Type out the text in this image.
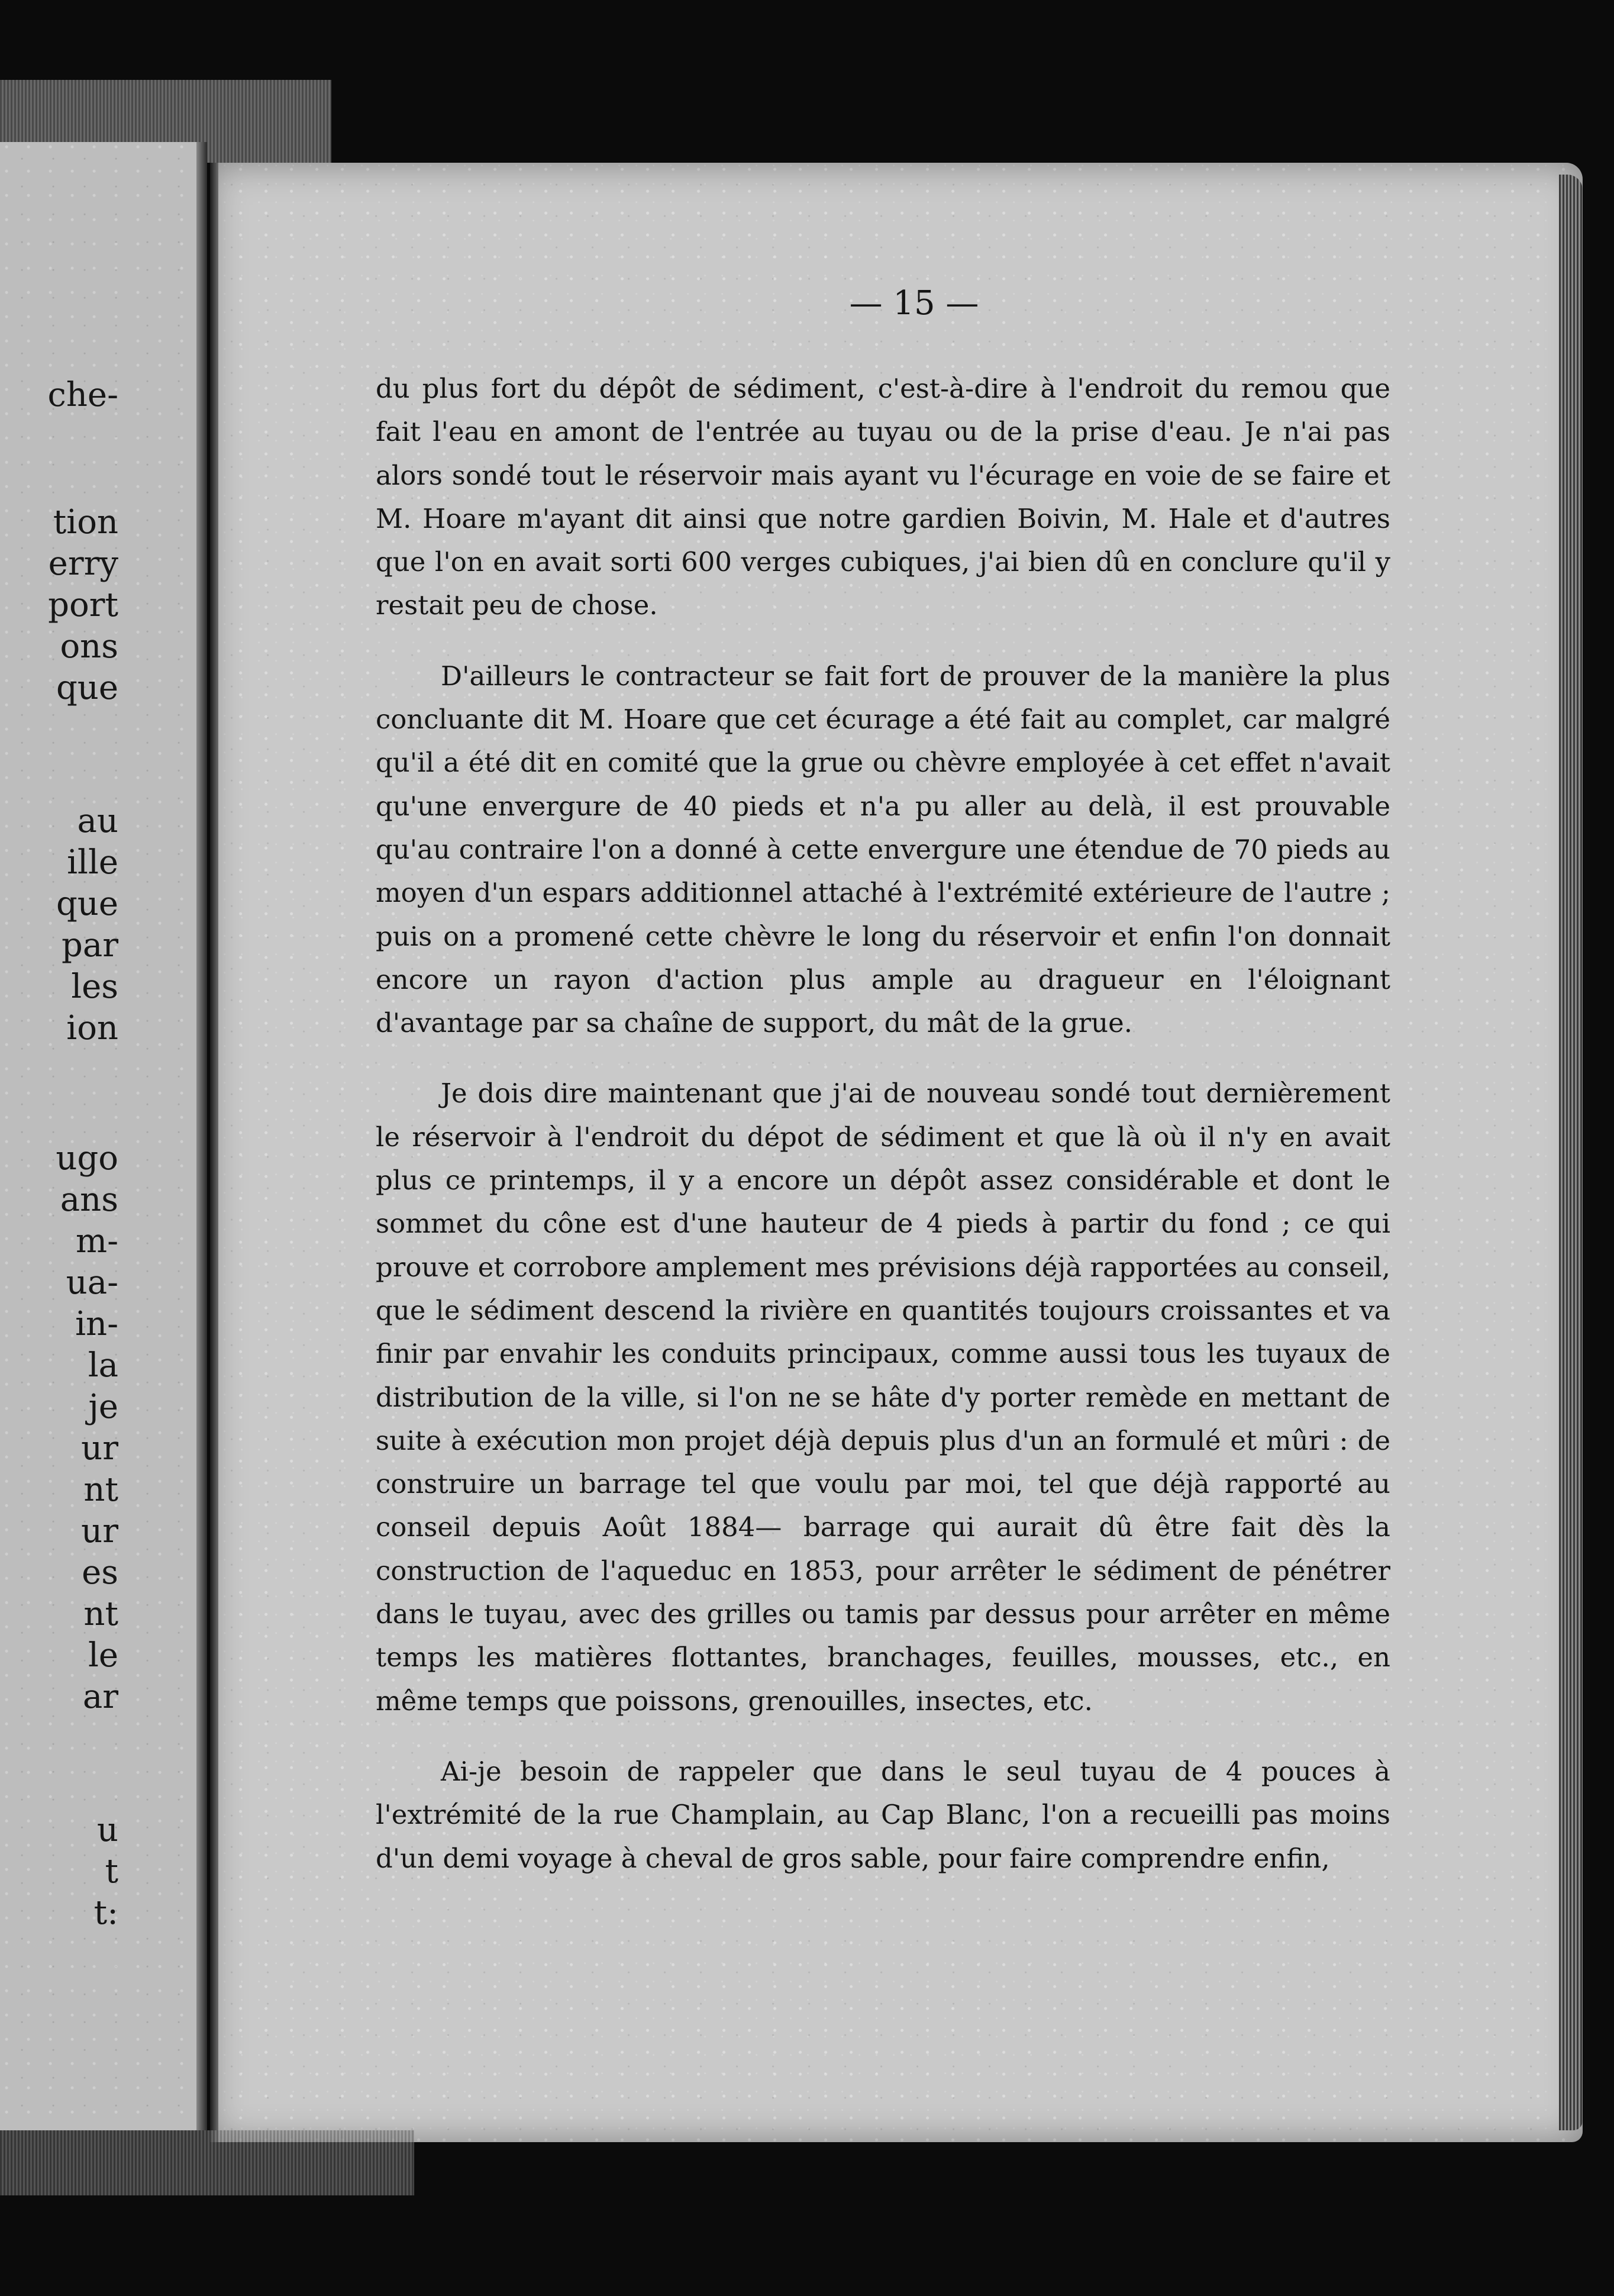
che-
tion
erry
port
ons
que
au
ille
que
par
les
ion
ugo
ans
m-
ua-
in-
la
je
ur
nt
ur
es
nt
le
ar
u
t
t:
— 15 —

du plus fort du dépôt de sédiment, c'est-à-dire à l'endroit du remou que fait l'eau en amont de l'entrée au tuyau ou de la prise d'eau. Je n'ai pas alors sondé tout le réservoir mais ayant vu l'écurage en voie de se faire et M. Hoare m'ayant dit ainsi que notre gardien Boivin, M. Hale et d'autres que l'on en avait sorti 600 verges cubiques, j'ai bien dû en conclure qu'il y restait peu de chose.

D'ailleurs le contracteur se fait fort de prouver de la manière la plus concluante dit M. Hoare que cet écurage a été fait au complet, car malgré qu'il a été dit en comité que la grue ou chèvre employée à cet effet n'avait qu'une envergure de 40 pieds et n'a pu aller au delà, il est prouvable qu'au contraire l'on a donné à cette envergure une étendue de 70 pieds au moyen d'un espars additionnel attaché à l'extrémité extérieure de l'autre ; puis on a promené cette chèvre le long du réservoir et enfin l'on donnait encore un rayon d'action plus ample au dragueur en l'éloignant d'avantage par sa chaîne de support, du mât de la grue.

Je dois dire maintenant que j'ai de nouveau sondé tout dernièrement le réservoir à l'endroit du dépot de sédiment et que là où il n'y en avait plus ce printemps, il y a encore un dépôt assez considérable et dont le sommet du cône est d'une hauteur de 4 pieds à partir du fond ; ce qui prouve et corrobore amplement mes prévisions déjà rapportées au conseil, que le sédiment descend la rivière en quantités toujours croissantes et va finir par envahir les conduits principaux, comme aussi tous les tuyaux de distribution de la ville, si l'on ne se hâte d'y porter remède en mettant de suite à exécution mon projet déjà depuis plus d'un an formulé et mûri : de construire un barrage tel que voulu par moi, tel que déjà rapporté au conseil depuis Août 1884— barrage qui aurait dû être fait dès la construction de l'aqueduc en 1853, pour arrêter le sédiment de pénétrer dans le tuyau, avec des grilles ou tamis par dessus pour arrêter en même temps les matières flottantes, branchages, feuilles, mousses, etc., en même temps que poissons, grenouilles, insectes, etc.

Ai-je besoin de rappeler que dans le seul tuyau de 4 pouces à l'extrémité de la rue Champlain, au Cap Blanc, l'on a recueilli pas moins d'un demi voyage à cheval de gros sable, pour faire comprendre enfin,
